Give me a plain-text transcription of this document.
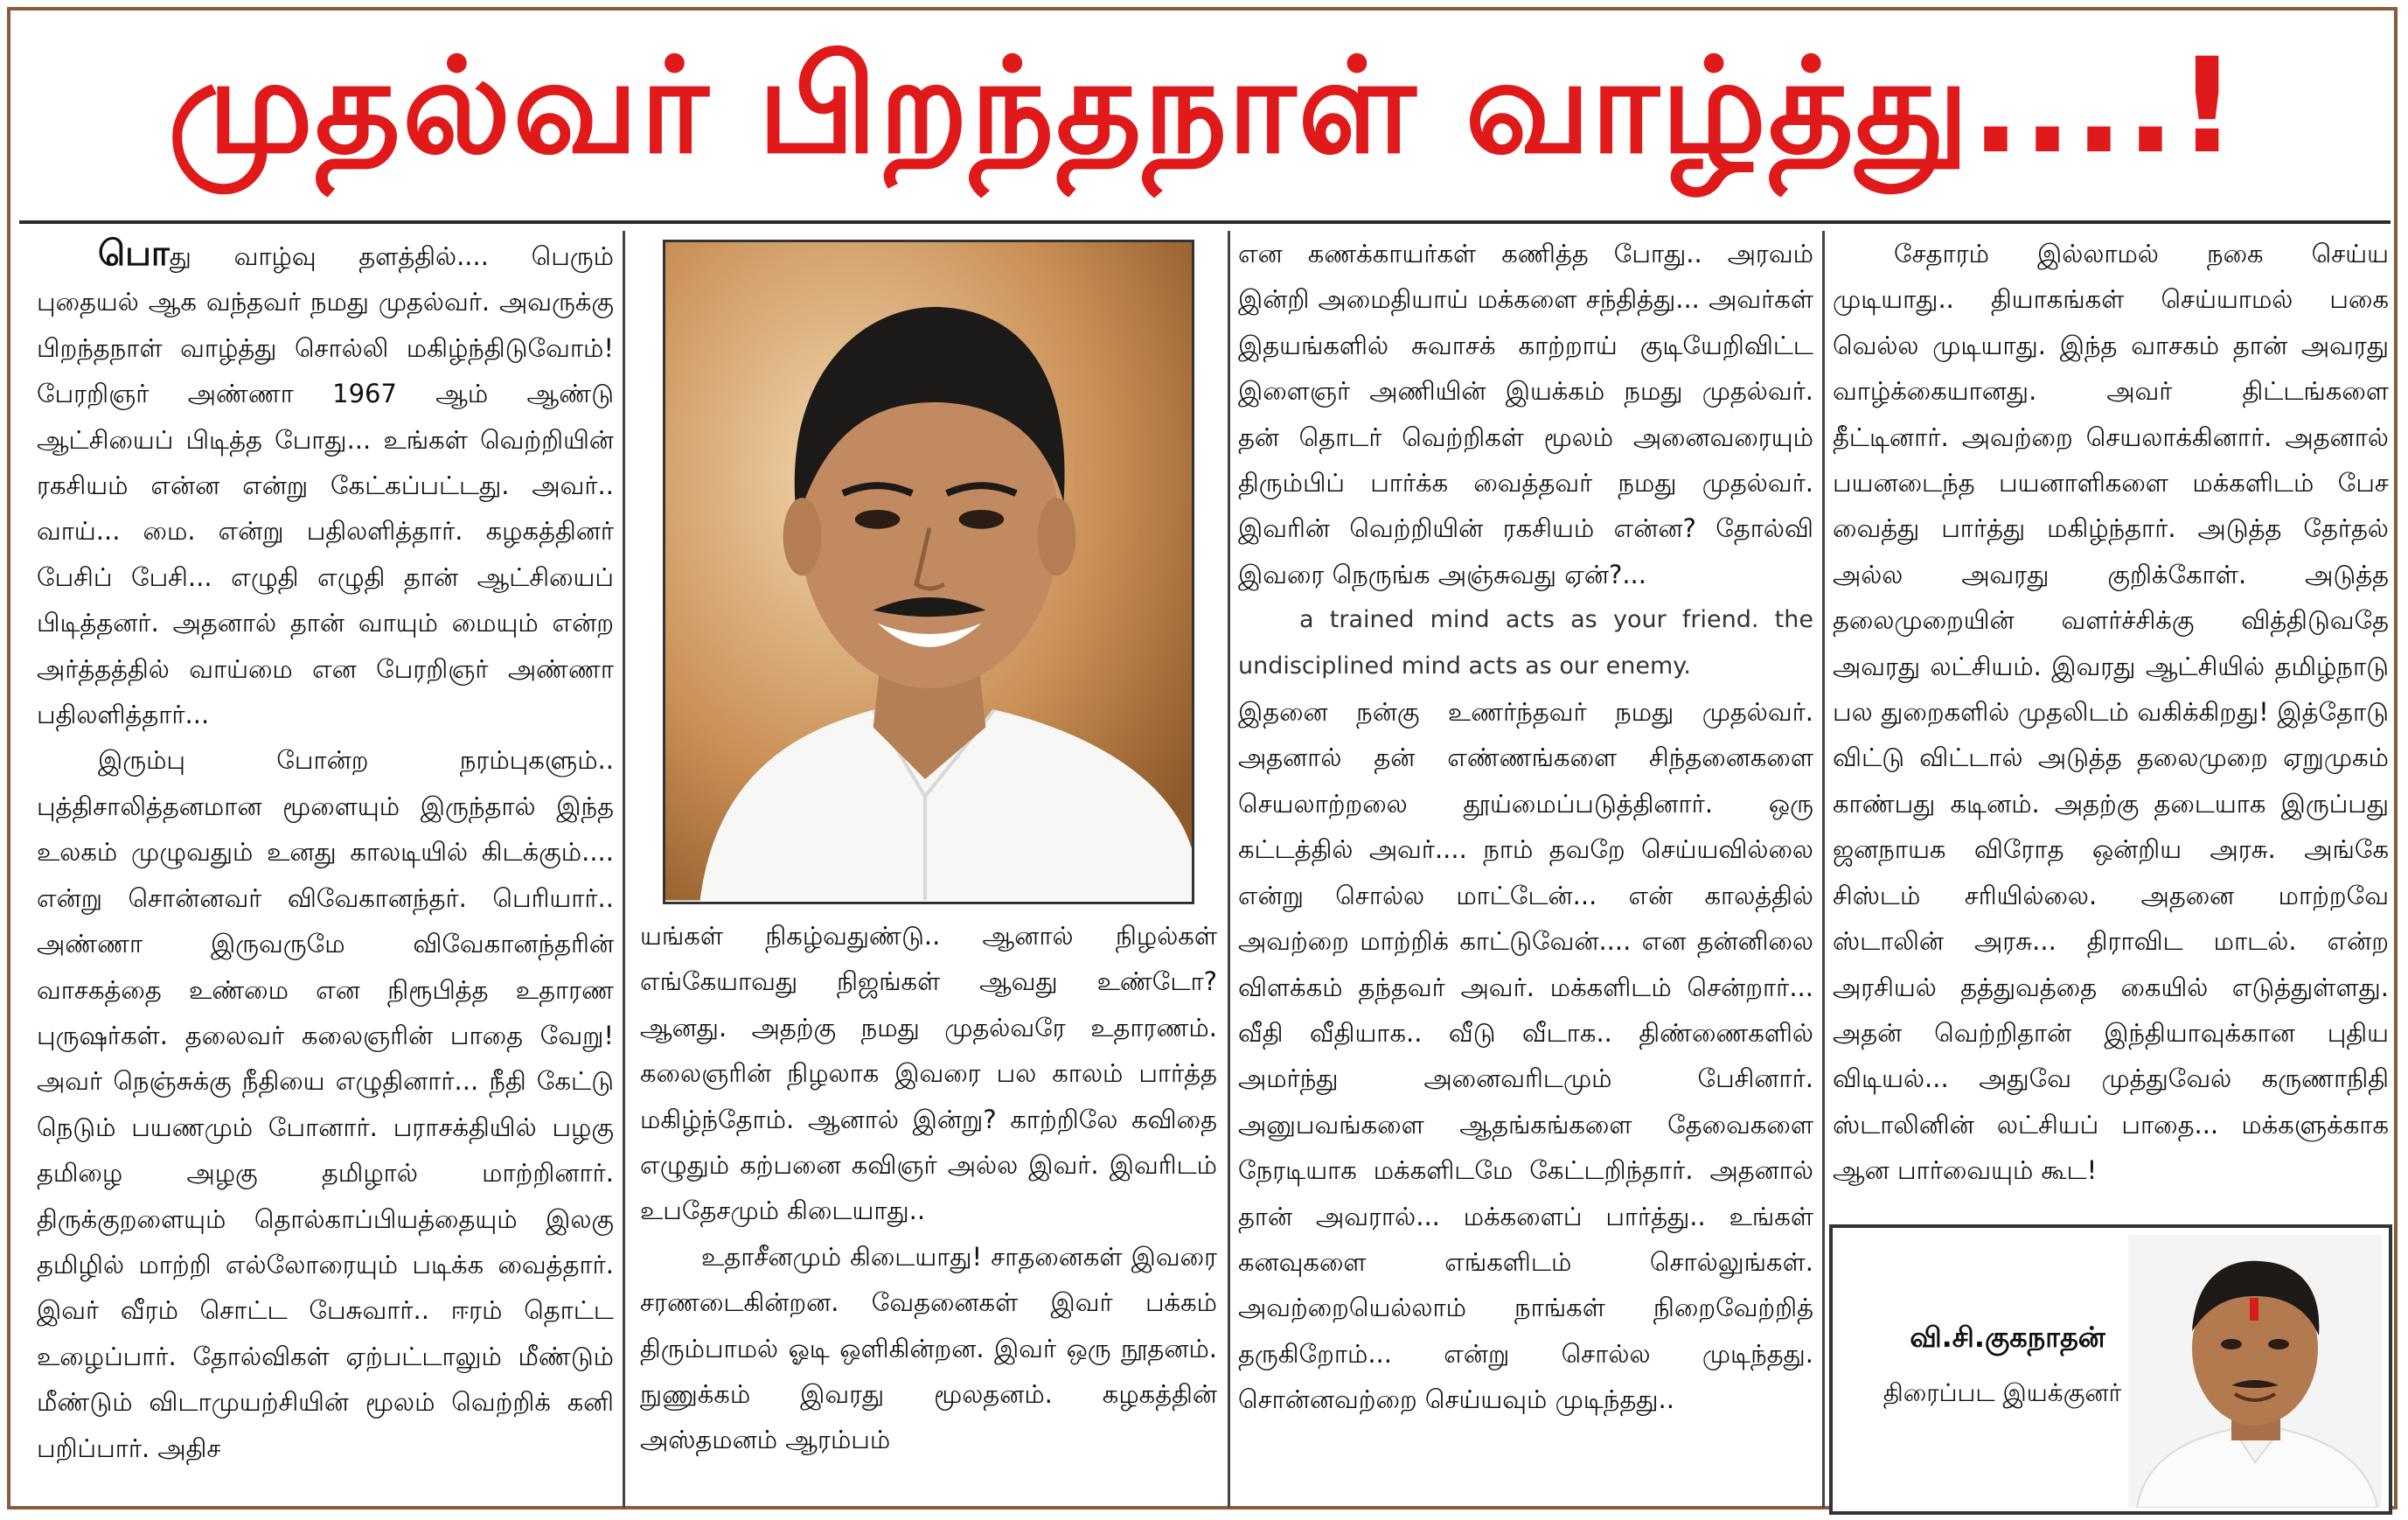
முதல்வர் பிறந்தநாள் வாழ்த்து....!

பொது வாழ்வு தளத்தில்.... பெரும் புதையல் ஆக வந்தவர் நமது முதல்வர். அவருக்கு பிறந்தநாள் வாழ்த்து சொல்லி மகிழ்ந்திடுவோம்! பேரறிஞர் அண்ணா 1967 ஆம் ஆண்டு ஆட்சியைப் பிடித்த போது... உங்கள் வெற்றியின் ரகசியம் என்ன என்று கேட்கப்பட்டது. அவர்.. வாய்... மை. என்று பதிலளித்தார். கழகத்தினர் பேசிப் பேசி... எழுதி எழுதி தான் ஆட்சியைப் பிடித்தனர். அதனால் தான் வாயும் மையும் என்ற அர்த்தத்தில் வாய்மை என பேரறிஞர் அண்ணா பதிலளித்தார்...

இரும்பு போன்ற நரம்புகளும்.. புத்திசாலித்தனமான மூளையும் இருந்தால் இந்த உலகம் முழுவதும் உனது காலடியில் கிடக்கும்.... என்று சொன்னவர் விவேகானந்தர். பெரியார்.. அண்ணா இருவருமே விவேகானந்தரின் வாசகத்தை உண்மை என நிரூபித்த உதாரண புருஷர்கள். தலைவர் கலைஞரின் பாதை வேறு! அவர் நெஞ்சுக்கு நீதியை எழுதினார்... நீதி கேட்டு நெடும் பயணமும் போனார். பராசக்தியில் பழகு தமிழை அழகு தமிழால் மாற்றினார். திருக்குறளையும் தொல்காப்பியத்தையும் இலகு தமிழில் மாற்றி எல்லோரையும் படிக்க வைத்தார். இவர் வீரம் சொட்ட பேசுவார்.. ஈரம் தொட்ட உழைப்பார். தோல்விகள் ஏற்பட்டாலும் மீண்டும் மீண்டும் விடாமுயற்சியின் மூலம் வெற்றிக் கனி பறிப்பார். அதிச

யங்கள் நிகழ்வதுண்டு.. ஆனால் நிழல்கள் எங்கேயாவது நிஜங்கள் ஆவது உண்டோ? ஆனது. அதற்கு நமது முதல்வரே உதாரணம். கலைஞரின் நிழலாக இவரை பல காலம் பார்த்த மகிழ்ந்தோம். ஆனால் இன்று? காற்றிலே கவிதை எழுதும் கற்பனை கவிஞர் அல்ல இவர். இவரிடம் உபதேசமும் கிடையாது..

உதாசீனமும் கிடையாது! சாதனைகள் இவரை சரணடைகின்றன. வேதனைகள் இவர் பக்கம் திரும்பாமல் ஓடி ஒளிகின்றன. இவர் ஒரு நூதனம். நுணுக்கம் இவரது மூலதனம். கழகத்தின் அஸ்தமனம் ஆரம்பம்

என கணக்காயர்கள் கணித்த போது.. அரவம் இன்றி அமைதியாய் மக்களை சந்தித்து... அவர்கள் இதயங்களில் சுவாசக் காற்றாய் குடியேறிவிட்ட இளைஞர் அணியின் இயக்கம் நமது முதல்வர். தன் தொடர் வெற்றிகள் மூலம் அனைவரையும் திரும்பிப் பார்க்க வைத்தவர் நமது முதல்வர். இவரின் வெற்றியின் ரகசியம் என்ன? தோல்வி இவரை நெருங்க அஞ்சுவது ஏன்?...

a trained mind acts as your friend. the undisciplined mind acts as our enemy.

இதனை நன்கு உணர்ந்தவர் நமது முதல்வர். அதனால் தன் எண்ணங்களை சிந்தனைகளை செயலாற்றலை தூய்மைப்படுத்தினார். ஒரு கட்டத்தில் அவர்.... நாம் தவறே செய்யவில்லை என்று சொல்ல மாட்டேன்... என் காலத்தில் அவற்றை மாற்றிக் காட்டுவேன்.... என தன்னிலை விளக்கம் தந்தவர் அவர். மக்களிடம் சென்றார்... வீதி வீதியாக.. வீடு வீடாக.. திண்ணைகளில் அமர்ந்து அனைவரிடமும் பேசினார். அனுபவங்களை ஆதங்கங்களை தேவைகளை நேரடியாக மக்களிடமே கேட்டறிந்தார். அதனால் தான் அவரால்... மக்களைப் பார்த்து.. உங்கள் கனவுகளை எங்களிடம் சொல்லுங்கள். அவற்றையெல்லாம் நாங்கள் நிறைவேற்றித் தருகிறோம்... என்று சொல்ல முடிந்தது. சொன்னவற்றை செய்யவும் முடிந்தது..

சேதாரம் இல்லாமல் நகை செய்ய முடியாது.. தியாகங்கள் செய்யாமல் பகை வெல்ல முடியாது. இந்த வாசகம் தான் அவரது வாழ்க்கையானது. அவர் திட்டங்களை தீட்டினார். அவற்றை செயலாக்கினார். அதனால் பயனடைந்த பயனாளிகளை மக்களிடம் பேச வைத்து பார்த்து மகிழ்ந்தார். அடுத்த தேர்தல் அல்ல அவரது குறிக்கோள். அடுத்த தலைமுறையின் வளர்ச்சிக்கு வித்திடுவதே அவரது லட்சியம். இவரது ஆட்சியில் தமிழ்நாடு பல துறைகளில் முதலிடம் வகிக்கிறது! இத்தோடு விட்டு விட்டால் அடுத்த தலைமுறை ஏறுமுகம் காண்பது கடினம். அதற்கு தடையாக இருப்பது ஜனநாயக விரோத ஒன்றிய அரசு. அங்கே சிஸ்டம் சரியில்லை. அதனை மாற்றவே ஸ்டாலின் அரசு... திராவிட மாடல். என்ற அரசியல் தத்துவத்தை கையில் எடுத்துள்ளது. அதன் வெற்றிதான் இந்தியாவுக்கான புதிய விடியல்... அதுவே முத்துவேல் கருணாநிதி ஸ்டாலினின் லட்சியப் பாதை... மக்களுக்காக ஆன பார்வையும் கூட!

வி.சி.குகநாதன்
திரைப்பட இயக்குனர்
